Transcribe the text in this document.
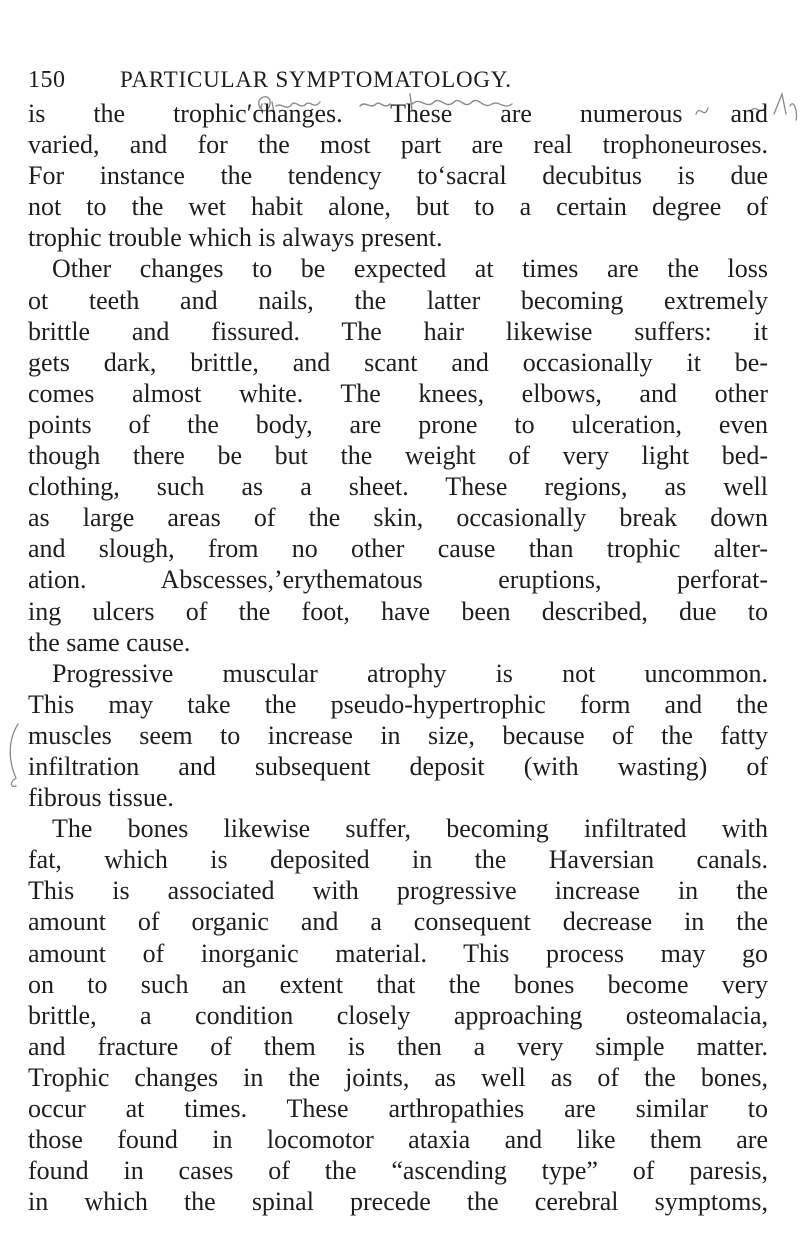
150 PARTICULAR SYMPTOMATOLOGY.
is the trophic′changes. These are numerous and
varied, and for the most part are real trophoneuroses.
For instance the tendency to‘sacral decubitus is due
not to the wet habit alone, but to a certain degree of
trophic trouble which is always present.
Other changes to be expected at times are the loss
ot teeth and nails, the latter becoming extremely
brittle and fissured. The hair likewise suffers: it
gets dark, brittle, and scant and occasionally it be-
comes almost white. The knees, elbows, and other
points of the body, are prone to ulceration, even
though there be but the weight of very light bed-
clothing, such as a sheet. These regions, as well
as large areas of the skin, occasionally break down
and slough, from no other cause than trophic alter-
ation. Abscesses,’erythematous eruptions, perforat-
ing ulcers of the foot, have been described, due to
the same cause.
Progressive muscular atrophy is not uncommon.
This may take the pseudo-hypertrophic form and the
muscles seem to increase in size, because of the fatty
infiltration and subsequent deposit (with wasting) of
fibrous tissue.
The bones likewise suffer, becoming infiltrated with
fat, which is deposited in the Haversian canals.
This is associated with progressive increase in the
amount of organic and a consequent decrease in the
amount of inorganic material. This process may go
on to such an extent that the bones become very
brittle, a condition closely approaching osteomalacia,
and fracture of them is then a very simple matter.
Trophic changes in the joints, as well as of the bones,
occur at times. These arthropathies are similar to
those found in locomotor ataxia and like them are
found in cases of the “ascending type” of paresis,
in which the spinal precede the cerebral symptoms,
